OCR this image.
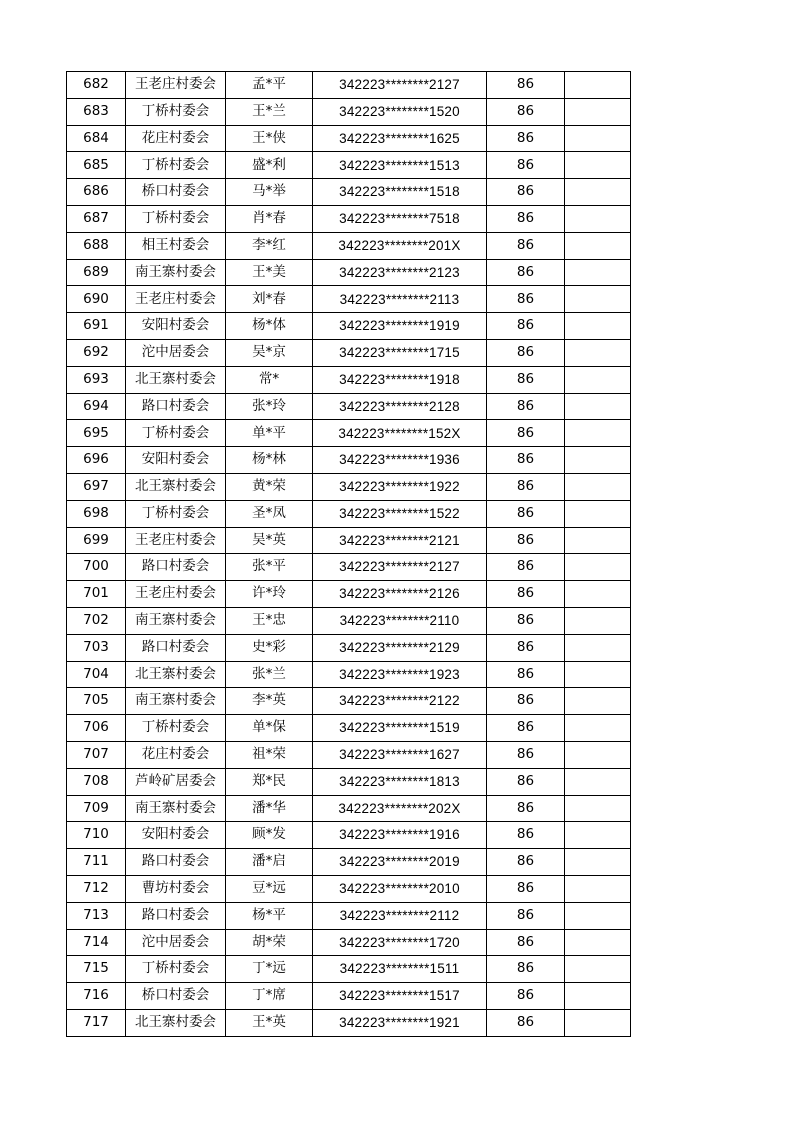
682	王老庄村委会	孟*平	342223********2127	86	
683	丁桥村委会	王*兰	342223********1520	86	
684	花庄村委会	王*侠	342223********1625	86	
685	丁桥村委会	盛*利	342223********1513	86	
686	桥口村委会	马*举	342223********1518	86	
687	丁桥村委会	肖*春	342223********7518	86	
688	相王村委会	李*红	342223********201X	86	
689	南王寨村委会	王*美	342223********2123	86	
690	王老庄村委会	刘*春	342223********2113	86	
691	安阳村委会	杨*体	342223********1919	86	
692	沱中居委会	吴*京	342223********1715	86	
693	北王寨村委会	常*	342223********1918	86	
694	路口村委会	张*玲	342223********2128	86	
695	丁桥村委会	单*平	342223********152X	86	
696	安阳村委会	杨*林	342223********1936	86	
697	北王寨村委会	黄*荣	342223********1922	86	
698	丁桥村委会	圣*凤	342223********1522	86	
699	王老庄村委会	吴*英	342223********2121	86	
700	路口村委会	张*平	342223********2127	86	
701	王老庄村委会	许*玲	342223********2126	86	
702	南王寨村委会	王*忠	342223********2110	86	
703	路口村委会	史*彩	342223********2129	86	
704	北王寨村委会	张*兰	342223********1923	86	
705	南王寨村委会	李*英	342223********2122	86	
706	丁桥村委会	单*保	342223********1519	86	
707	花庄村委会	祖*荣	342223********1627	86	
708	芦岭矿居委会	郑*民	342223********1813	86	
709	南王寨村委会	潘*华	342223********202X	86	
710	安阳村委会	顾*发	342223********1916	86	
711	路口村委会	潘*启	342223********2019	86	
712	曹坊村委会	豆*远	342223********2010	86	
713	路口村委会	杨*平	342223********2112	86	
714	沱中居委会	胡*荣	342223********1720	86	
715	丁桥村委会	丁*远	342223********1511	86	
716	桥口村委会	丁*席	342223********1517	86	
717	北王寨村委会	王*英	342223********1921	86	
